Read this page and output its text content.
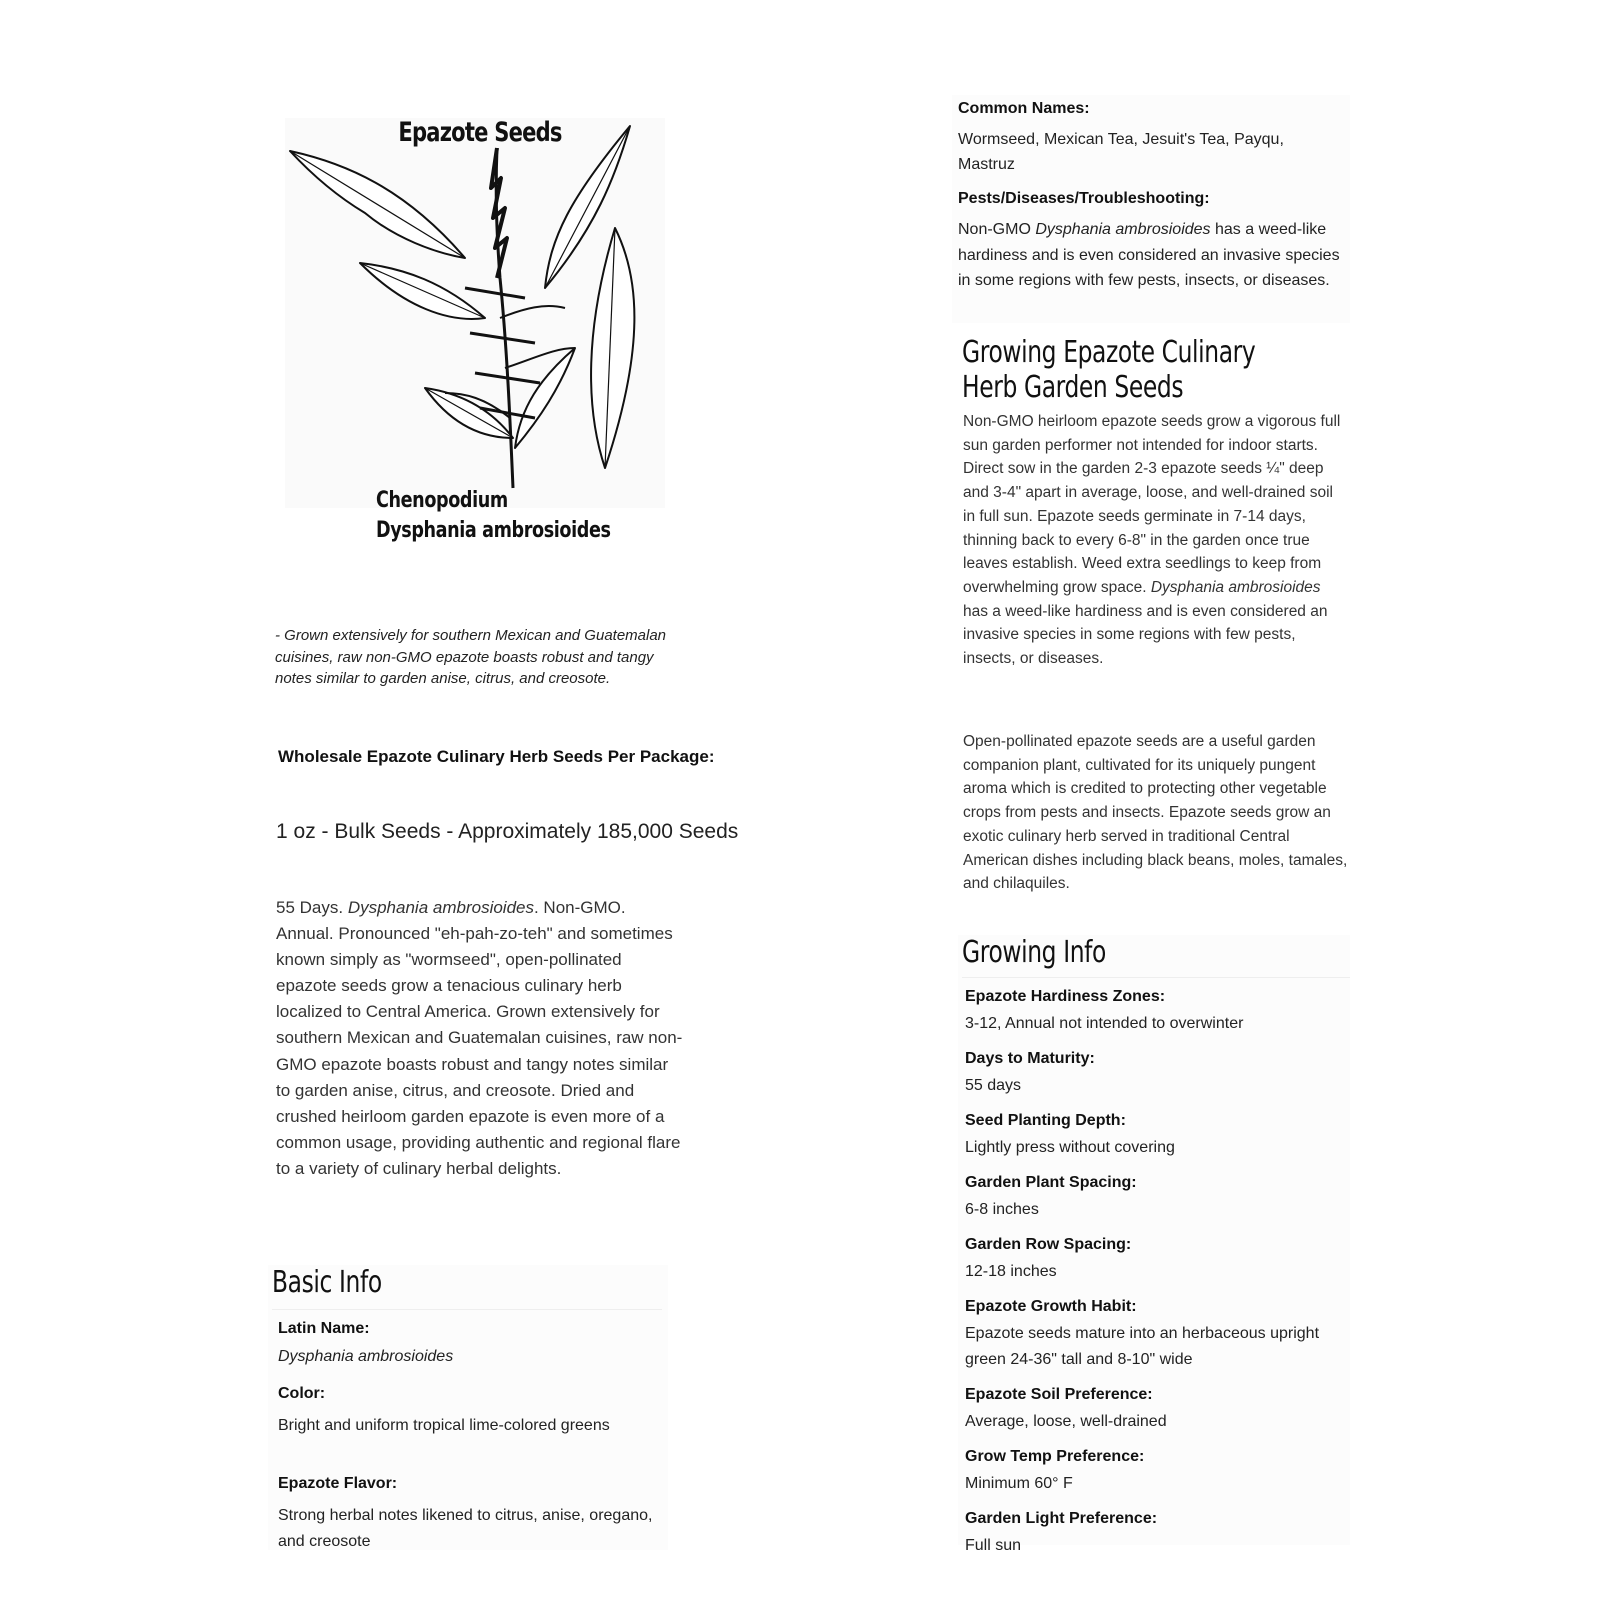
Epazote Seeds
Chenopodium
Dysphania ambrosioides
- Grown extensively for southern Mexican and Guatemalan cuisines, raw non-GMO epazote boasts robust and tangy notes similar to garden anise, citrus, and creosote.
Wholesale Epazote Culinary Herb Seeds Per Package:
1 oz - Bulk Seeds - Approximately 185,000 Seeds
55 Days. Dysphania ambrosioides. Non-GMO. Annual. Pronounced "eh-pah-zo-teh" and sometimes known simply as "wormseed", open-pollinated epazote seeds grow a tenacious culinary herb localized to Central America. Grown extensively for southern Mexican and Guatemalan cuisines, raw non-GMO epazote boasts robust and tangy notes similar to garden anise, citrus, and creosote. Dried and crushed heirloom garden epazote is even more of a common usage, providing authentic and regional flare to a variety of culinary herbal delights.
Basic Info
Latin Name:
Dysphania ambrosioides
Color:
Bright and uniform tropical lime-colored greens
Epazote Flavor:
Strong herbal notes likened to citrus, anise, oregano, and creosote
Common Names:
Wormseed, Mexican Tea, Jesuit's Tea, Payqu, Mastruz
Pests/Diseases/Troubleshooting:
Non-GMO Dysphania ambrosioides has a weed-like hardiness and is even considered an invasive species in some regions with few pests, insects, or diseases.
Growing Epazote Culinary Herb Garden Seeds
Non-GMO heirloom epazote seeds grow a vigorous full sun garden performer not intended for indoor starts. Direct sow in the garden 2-3 epazote seeds ¼" deep and 3-4" apart in average, loose, and well-drained soil in full sun. Epazote seeds germinate in 7-14 days, thinning back to every 6-8" in the garden once true leaves establish. Weed extra seedlings to keep from overwhelming grow space. Dysphania ambrosioides has a weed-like hardiness and is even considered an invasive species in some regions with few pests, insects, or diseases.
Open-pollinated epazote seeds are a useful garden companion plant, cultivated for its uniquely pungent aroma which is credited to protecting other vegetable crops from pests and insects. Epazote seeds grow an exotic culinary herb served in traditional Central American dishes including black beans, moles, tamales, and chilaquiles.
Growing Info
Epazote Hardiness Zones:
3-12, Annual not intended to overwinter
Days to Maturity:
55 days
Seed Planting Depth:
Lightly press without covering
Garden Plant Spacing:
6-8 inches
Garden Row Spacing:
12-18 inches
Epazote Growth Habit:
Epazote seeds mature into an herbaceous upright green 24-36" tall and 8-10" wide
Epazote Soil Preference:
Average, loose, well-drained
Grow Temp Preference:
Minimum 60° F
Garden Light Preference:
Full sun
